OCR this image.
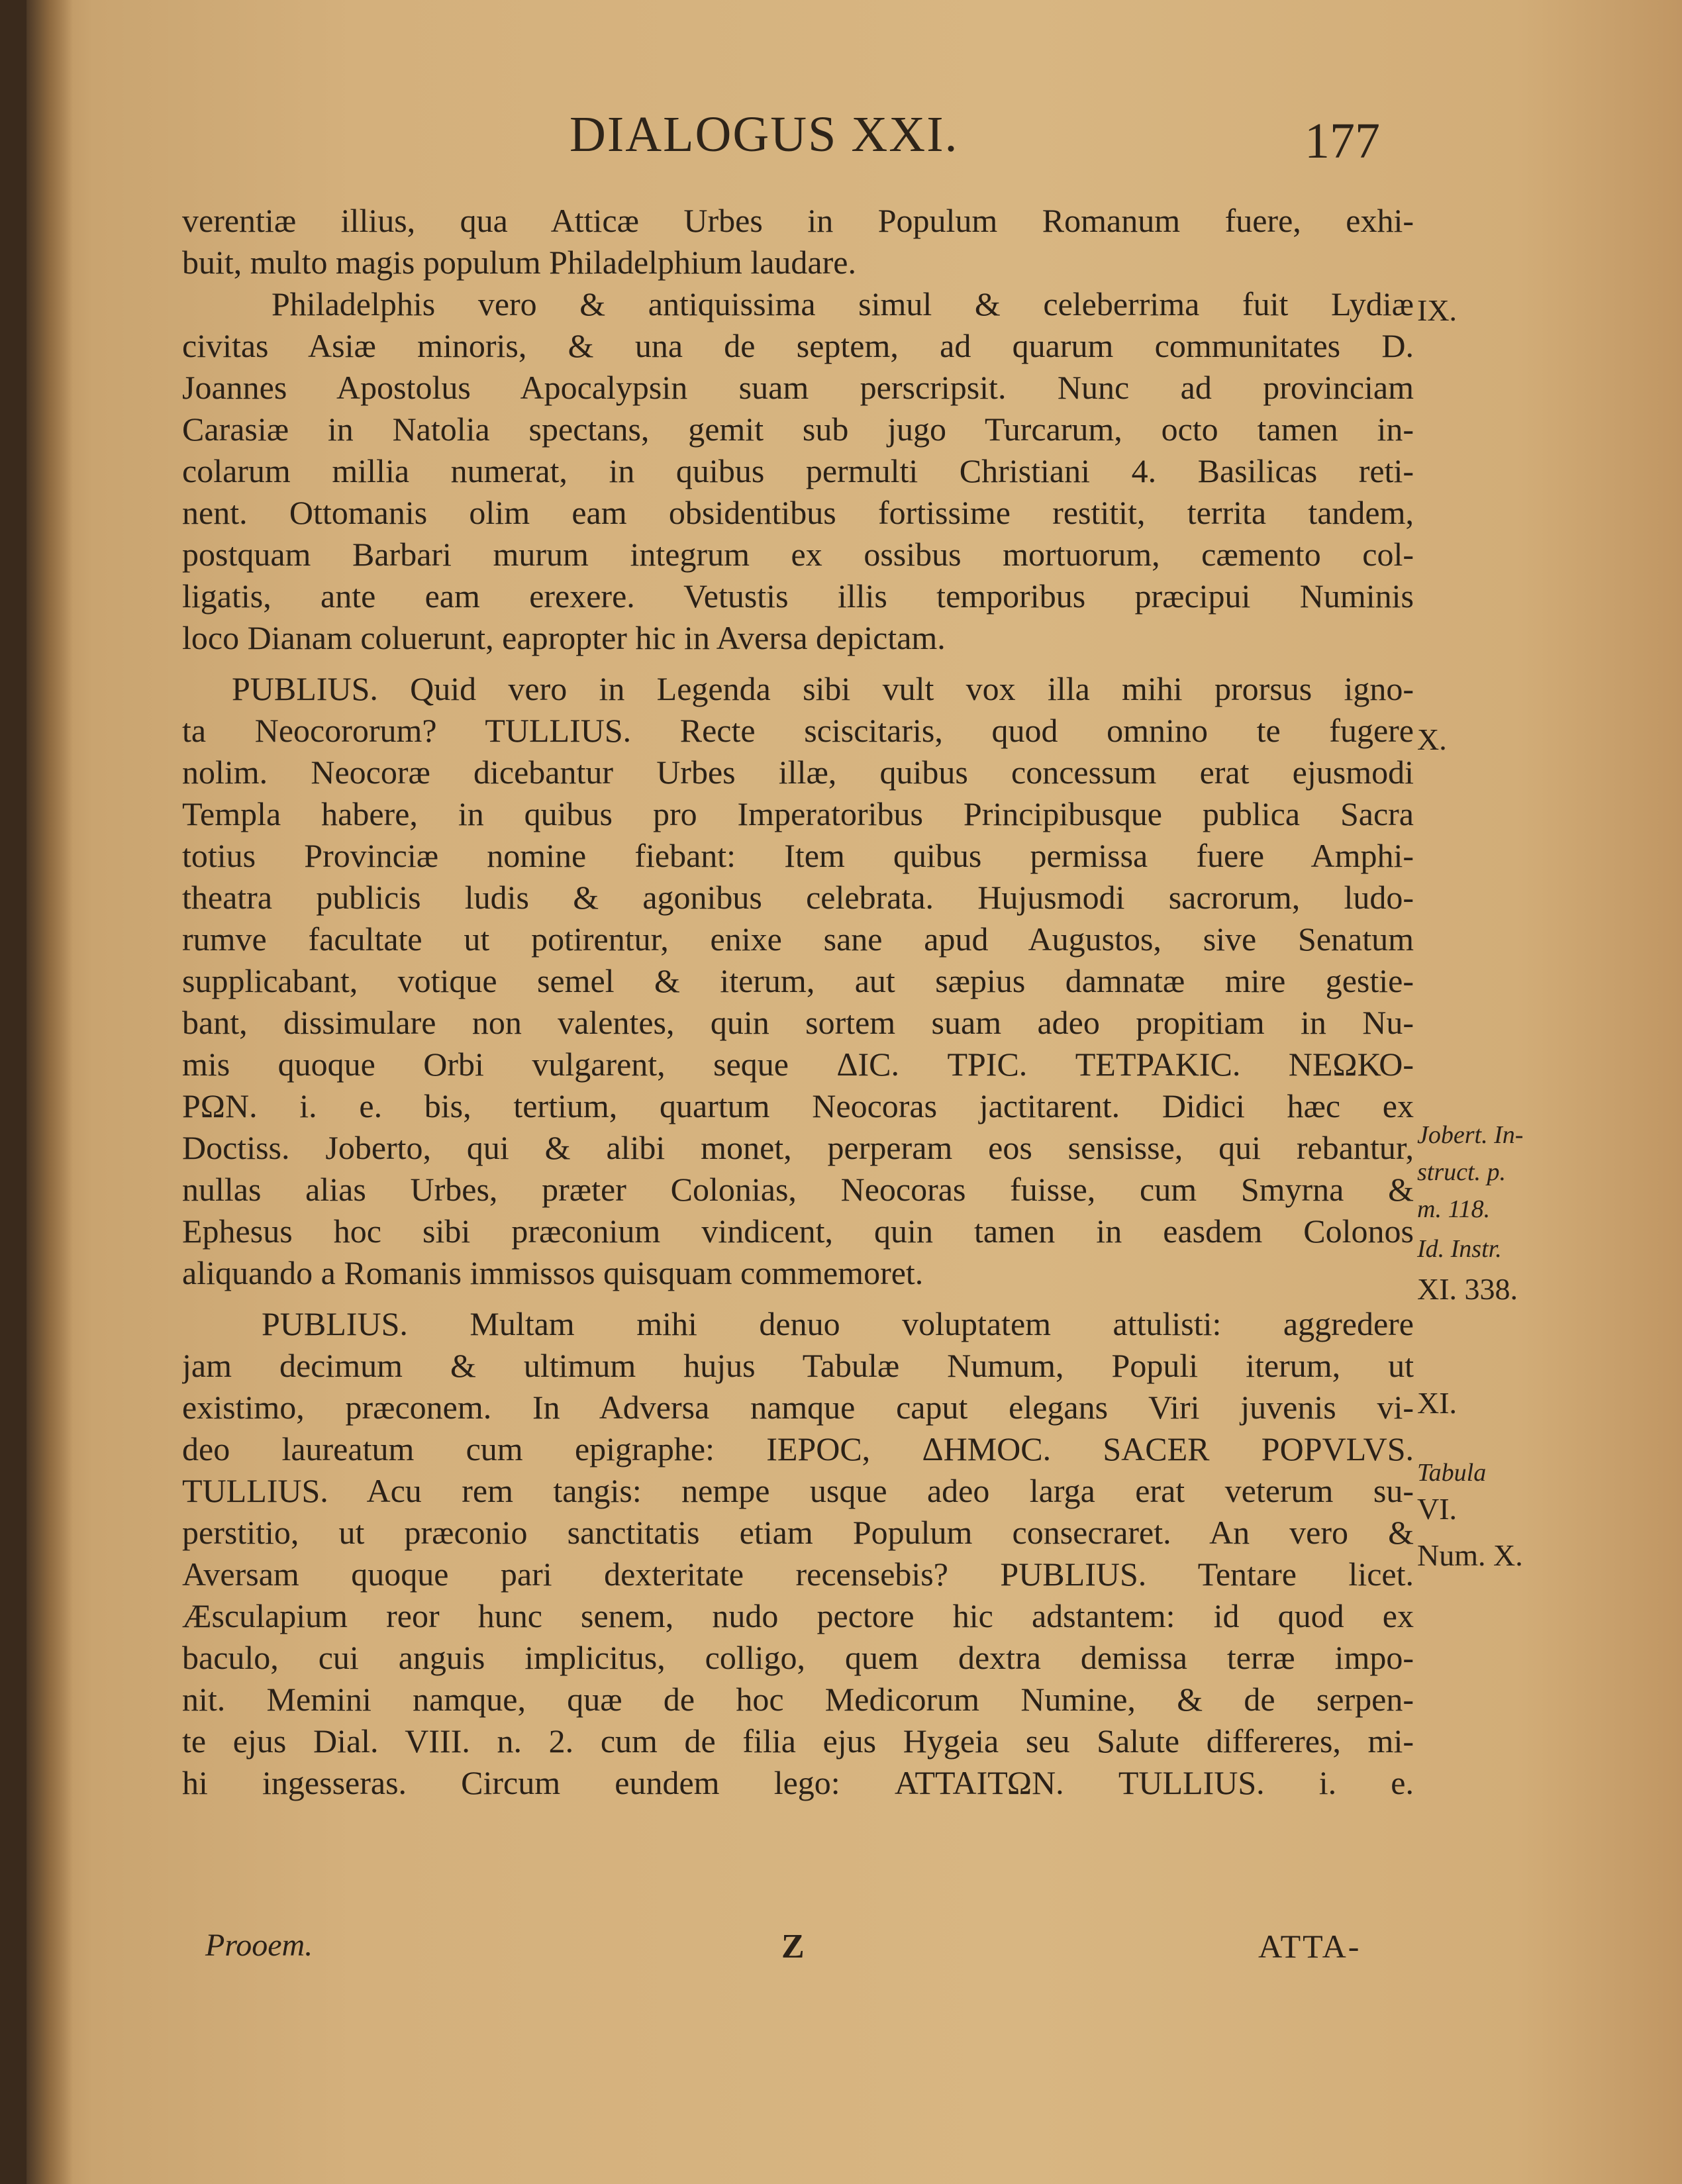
DIALOGUS XXI.	177
verentiæ illius, qua Atticæ Urbes in Populum Romanum fuere, exhi-
buit, multo magis populum Philadelphium laudare.
Philadelphis vero & antiquissima simul & celeberrima fuit Lydiæ
civitas Asiæ minoris, & una de septem, ad quarum communitates D.
Joannes Apostolus Apocalypsin suam perscripsit. Nunc ad provinciam
Carasiæ in Natolia spectans, gemit sub jugo Turcarum, octo tamen in-
colarum millia numerat, in quibus permulti Christiani 4. Basilicas reti-
nent. Ottomanis olim eam obsidentibus fortissime restitit, territa tandem,
postquam Barbari murum integrum ex ossibus mortuorum, cæmento col-
ligatis, ante eam erexere. Vetustis illis temporibus præcipui Numinis
loco Dianam coluerunt, eapropter hic in Aversa depictam.
PUBLIUS. Quid vero in Legenda sibi vult vox illa mihi prorsus igno-
ta Neocororum? TULLIUS. Recte sciscitaris, quod omnino te fugere
nolim. Neocoræ dicebantur Urbes illæ, quibus concessum erat ejusmodi
Templa habere, in quibus pro Imperatoribus Principibusque publica Sacra
totius Provinciæ nomine fiebant: Item quibus permissa fuere Amphi-
theatra publicis ludis & agonibus celebrata. Hujusmodi sacrorum, ludo-
rumve facultate ut potirentur, enixe sane apud Augustos, sive Senatum
supplicabant, votique semel & iterum, aut sæpius damnatæ mire gestie-
bant, dissimulare non valentes, quin sortem suam adeo propitiam in Nu-
mis quoque Orbi vulgarent, seque ΔΙC. ΤΡΙC. ΤΕΤΡΑΚΙC. ΝΕΩΚΟ-
ΡΩΝ. i. e. bis, tertium, quartum Neocoras jactitarent. Didici hæc ex
Doctiss. Joberto, qui & alibi monet, perperam eos sensisse, qui rebantur,
nullas alias Urbes, præter Colonias, Neocoras fuisse, cum Smyrna &
Ephesus hoc sibi præconium vindicent, quin tamen in easdem Colonos
aliquando a Romanis immissos quisquam commemoret.
PUBLIUS. Multam mihi denuo voluptatem attulisti: aggredere
jam decimum & ultimum hujus Tabulæ Numum, Populi iterum, ut
existimo, præconem. In Adversa namque caput elegans Viri juvenis vi-
deo laureatum cum epigraphe: ΙΕΡΟC, ΔΗΜΟC. SACER POPVLVS.
TULLIUS. Acu rem tangis: nempe usque adeo larga erat veterum su-
perstitio, ut præconio sanctitatis etiam Populum consecraret. An vero &
Aversam quoque pari dexteritate recensebis? PUBLIUS. Tentare licet.
Æsculapium reor hunc senem, nudo pectore hic adstantem: id quod ex
baculo, cui anguis implicitus, colligo, quem dextra demissa terræ impo-
nit. Memini namque, quæ de hoc Medicorum Numine, & de serpen-
te ejus Dial. VIII. n. 2. cum de filia ejus Hygeia seu Salute differeres, mi-
hi ingesseras. Circum eundem lego: ΑΤΤΑΙΤΩΝ. TULLIUS. i. e.
IX.
X.
Jobert. In-
struct. p.
m. 118.
Id. Instr.
XI. 338.
XI.
Tabula
VI.
Num. X.
Prooem.	Z	ATTA-
